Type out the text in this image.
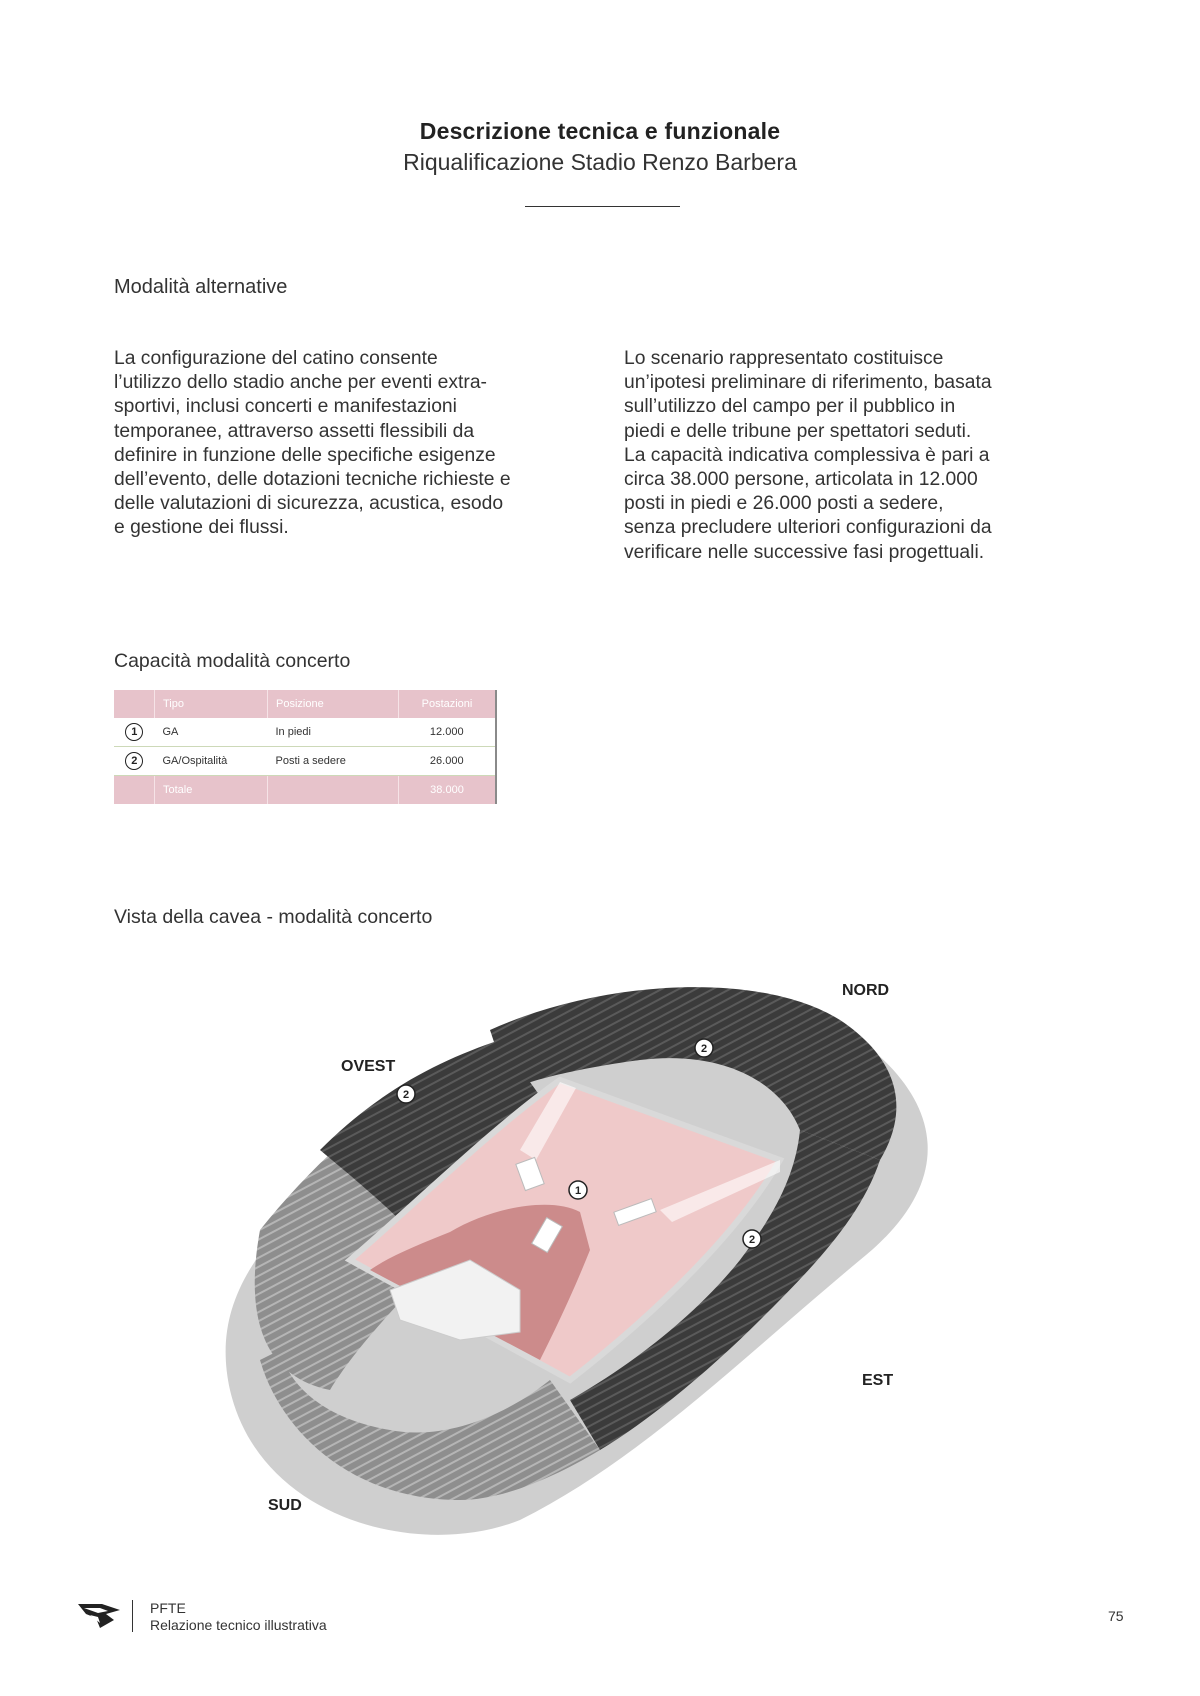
Descrizione tecnica e funzionale
Riqualificazione Stadio Renzo Barbera
Modalità alternative
La configurazione del catino consente
l’utilizzo dello stadio anche per eventi extra-
sportivi, inclusi concerti e manifestazioni
temporanee, attraverso assetti flessibili da
definire in funzione delle specifiche esigenze
dell’evento, delle dotazioni tecniche richieste e
delle valutazioni di sicurezza, acustica, esodo
e gestione dei flussi.
Lo scenario rappresentato costituisce
un’ipotesi preliminare di riferimento, basata
sull’utilizzo del campo per il pubblico in
piedi e delle tribune per spettatori seduti.
La capacità indicativa complessiva è pari a
circa 38.000 persone, articolata in 12.000
posti in piedi e 26.000 posti a sedere,
senza precludere ulteriori configurazioni da
verificare nelle successive fasi progettuali.
Capacità modalità concerto
	Tipo	Posizione	Postazioni
1	GA	In piedi	12.000
2	GA/Ospitalità	Posti a sedere	26.000
	Totale		38.000
Vista della cavea - modalità concerto
NORD
OVEST
EST
SUD
1
2
2
2
PFTE
Relazione tecnico illustrativa
75
